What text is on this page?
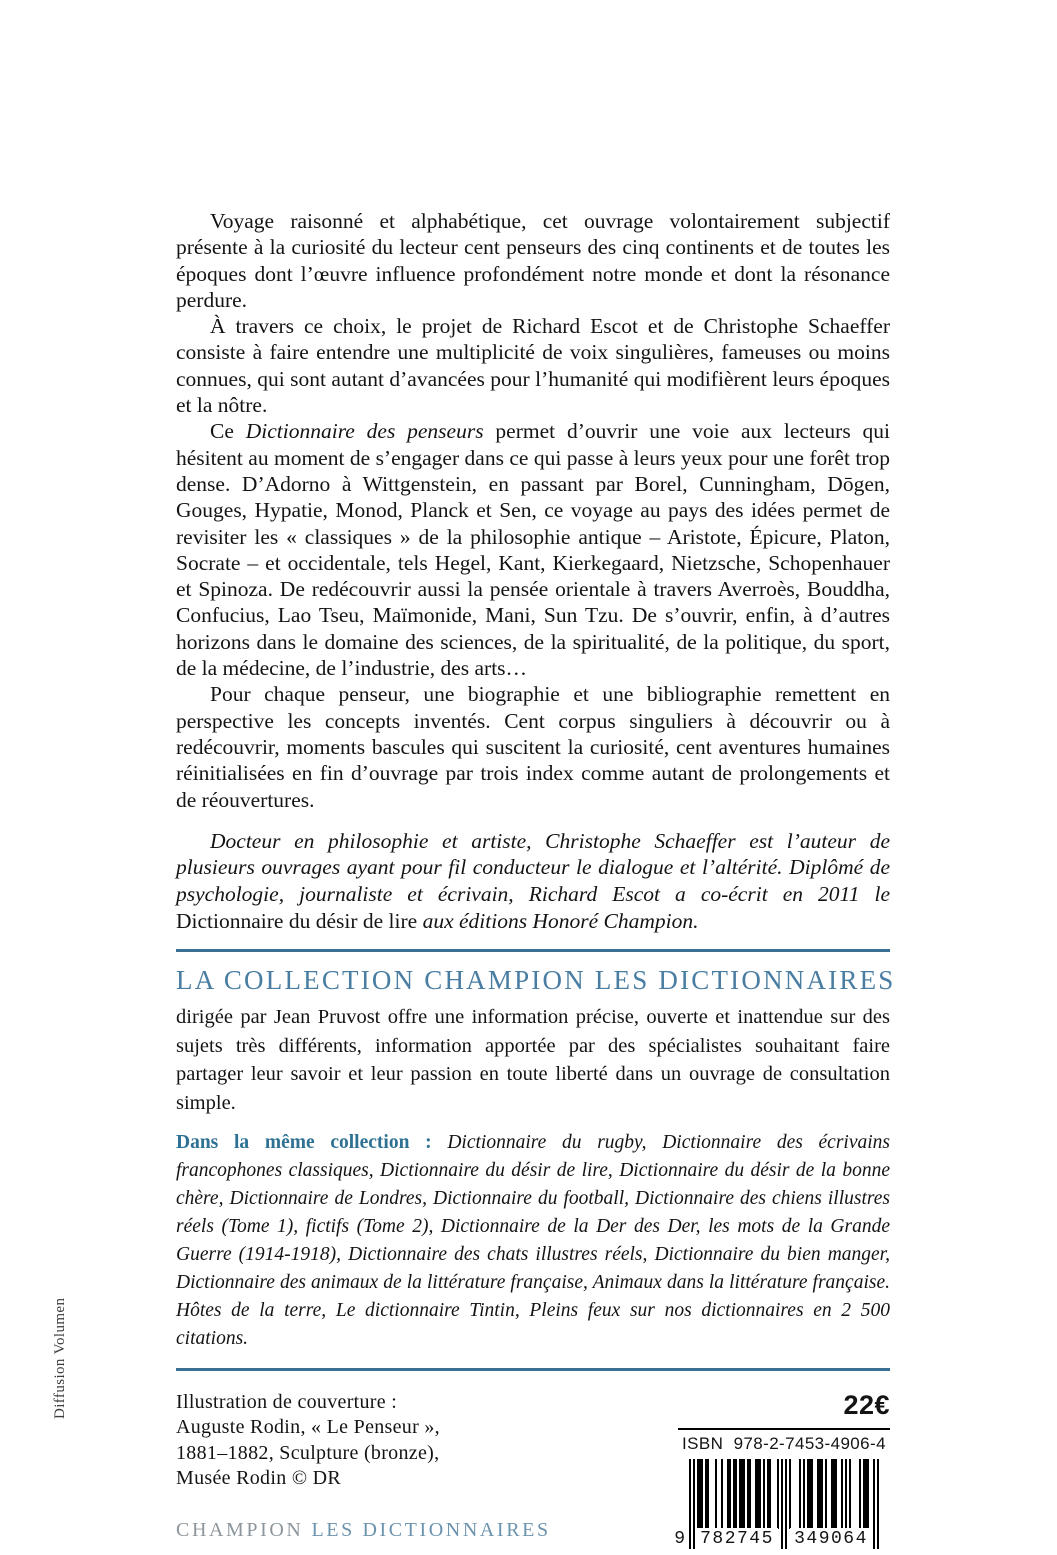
Diffusion Volumen

Voyage raisonné et alphabétique, cet ouvrage volontairement subjectif présente à la curiosité du lecteur cent penseurs des cinq continents et de toutes les époques dont l’œuvre influence profondément notre monde et dont la résonance perdure.

À travers ce choix, le projet de Richard Escot et de Christophe Schaeffer consiste à faire entendre une multiplicité de voix singulières, fameuses ou moins connues, qui sont autant d’avancées pour l’humanité qui modifièrent leurs époques et la nôtre.

Ce Dictionnaire des penseurs permet d’ouvrir une voie aux lecteurs qui hésitent au moment de s’engager dans ce qui passe à leurs yeux pour une forêt trop dense. D’Adorno à Wittgenstein, en passant par Borel, Cunningham, Dōgen, Gouges, Hypatie, Monod, Planck et Sen, ce voyage au pays des idées permet de revisiter les « classiques » de la philosophie antique – Aristote, Épicure, Platon, Socrate – et occidentale, tels Hegel, Kant, Kierkegaard, Nietzsche, Schopenhauer et Spinoza. De redécouvrir aussi la pensée orientale à travers Averroès, Bouddha, Confucius, Lao Tseu, Maïmonide, Mani, Sun Tzu. De s’ouvrir, enfin, à d’autres horizons dans le domaine des sciences, de la spiritualité, de la politique, du sport, de la médecine, de l’industrie, des arts…

Pour chaque penseur, une biographie et une bibliographie remettent en perspective les concepts inventés. Cent corpus singuliers à découvrir ou à redécouvrir, moments bascules qui suscitent la curiosité, cent aventures humaines réinitialisées en fin d’ouvrage par trois index comme autant de prolongements et de réouvertures.

Docteur en philosophie et artiste, Christophe Schaeffer est l’auteur de plusieurs ouvrages ayant pour fil conducteur le dialogue et l’altérité. Diplômé de psychologie, journaliste et écrivain, Richard Escot a co-écrit en 2011 le Dictionnaire du désir de lire aux éditions Honoré Champion.

LA COLLECTION CHAMPION LES DICTIONNAIRES

dirigée par Jean Pruvost offre une information précise, ouverte et inattendue sur des sujets très différents, information apportée par des spécialistes souhaitant faire partager leur savoir et leur passion en toute liberté dans un ouvrage de consultation simple.

Dans la même collection : Dictionnaire du rugby, Dictionnaire des écrivains francophones classiques, Dictionnaire du désir de lire, Dictionnaire du désir de la bonne chère, Dictionnaire de Londres, Dictionnaire du football, Dictionnaire des chiens illustres réels (Tome 1), fictifs (Tome 2), Dictionnaire de la Der des Der, les mots de la Grande Guerre (1914-1918), Dictionnaire des chats illustres réels, Dictionnaire du bien manger, Dictionnaire des animaux de la littérature française, Animaux dans la littérature française. Hôtes de la terre, Le dictionnaire Tintin, Pleins feux sur nos dictionnaires en 2 500 citations.

Illustration de couverture :
Auguste Rodin, « Le Penseur »,
1881–1882, Sculpture (bronze),
Musée Rodin © DR
CHAMPION LES DICTIONNAIRES
22€
ISBN  978-2-7453-4906-4
9 782745 349064
